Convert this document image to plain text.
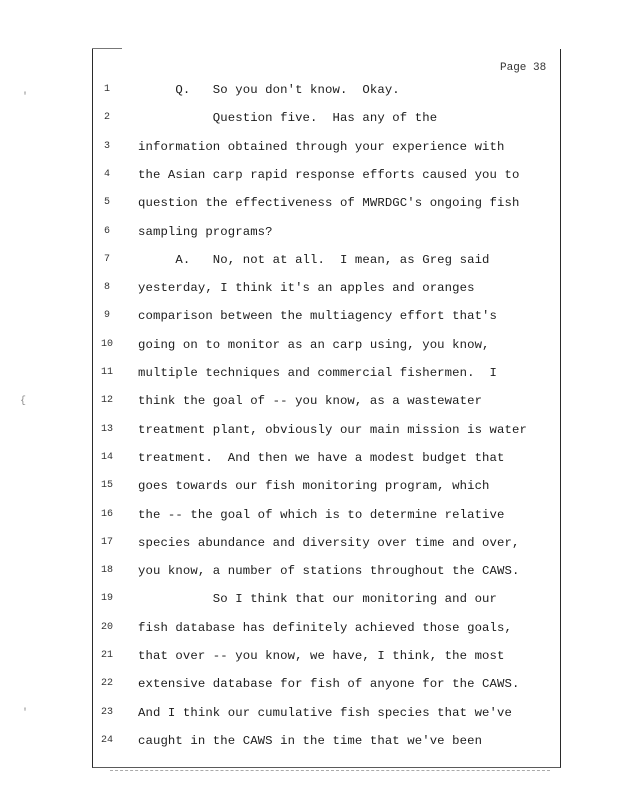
Page 38
1	Q.   So you don't know.  Okay.
2	Question five.  Has any of the
3	information obtained through your experience with
4	the Asian carp rapid response efforts caused you to
5	question the effectiveness of MWRDGC's ongoing fish
6	sampling programs?
7	A.   No, not at all.  I mean, as Greg said
8	yesterday, I think it's an apples and oranges
9	comparison between the multiagency effort that's
10	going on to monitor as an carp using, you know,
11	multiple techniques and commercial fishermen.  I
12	think the goal of -- you know, as a wastewater
13	treatment plant, obviously our main mission is water
14	treatment.  And then we have a modest budget that
15	goes towards our fish monitoring program, which
16	the -- the goal of which is to determine relative
17	species abundance and diversity over time and over,
18	you know, a number of stations throughout the CAWS.
19	So I think that our monitoring and our
20	fish database has definitely achieved those goals,
21	that over -- you know, we have, I think, the most
22	extensive database for fish of anyone for the CAWS.
23	And I think our cumulative fish species that we've
24	caught in the CAWS in the time that we've been
'
{
'
